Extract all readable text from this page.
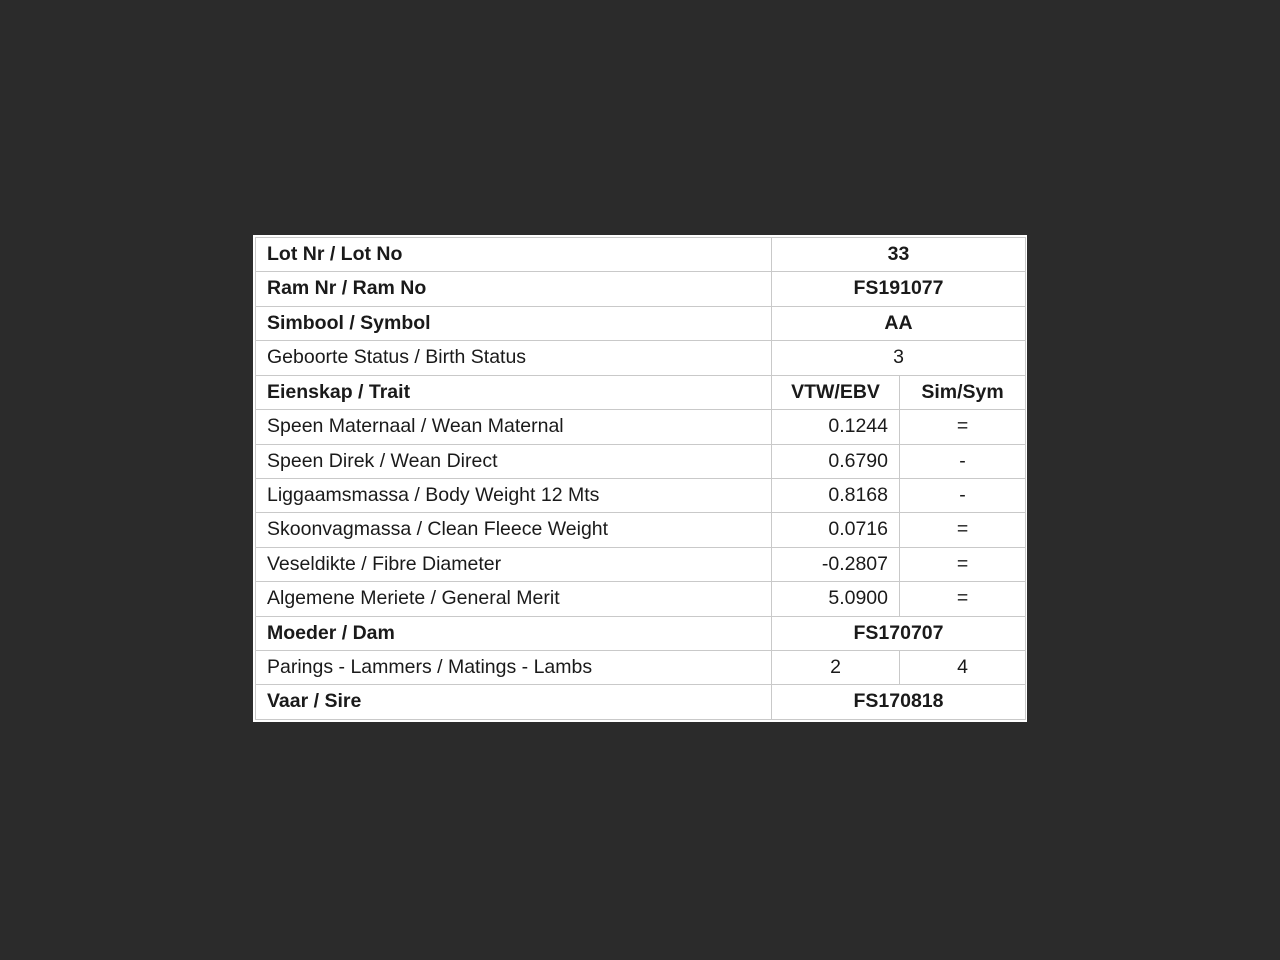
Lot Nr / Lot No	33	
Ram Nr / Ram No	FS191077	
Simbool / Symbol	AA	
Geboorte Status / Birth Status	3	
Eienskap / Trait	VTW/EBV	Sim/Sym
Speen Maternaal / Wean Maternal	0.1244	=
Speen Direk / Wean Direct	0.6790	-
Liggaamsmassa / Body Weight 12 Mts	0.8168	-
Skoonvagmassa / Clean Fleece Weight	0.0716	=
Veseldikte / Fibre Diameter	-0.2807	=
Algemene Meriete / General Merit	5.0900	=
Moeder / Dam	FS170707	
Parings - Lammers / Matings - Lambs	2	4
Vaar / Sire	FS170818	
